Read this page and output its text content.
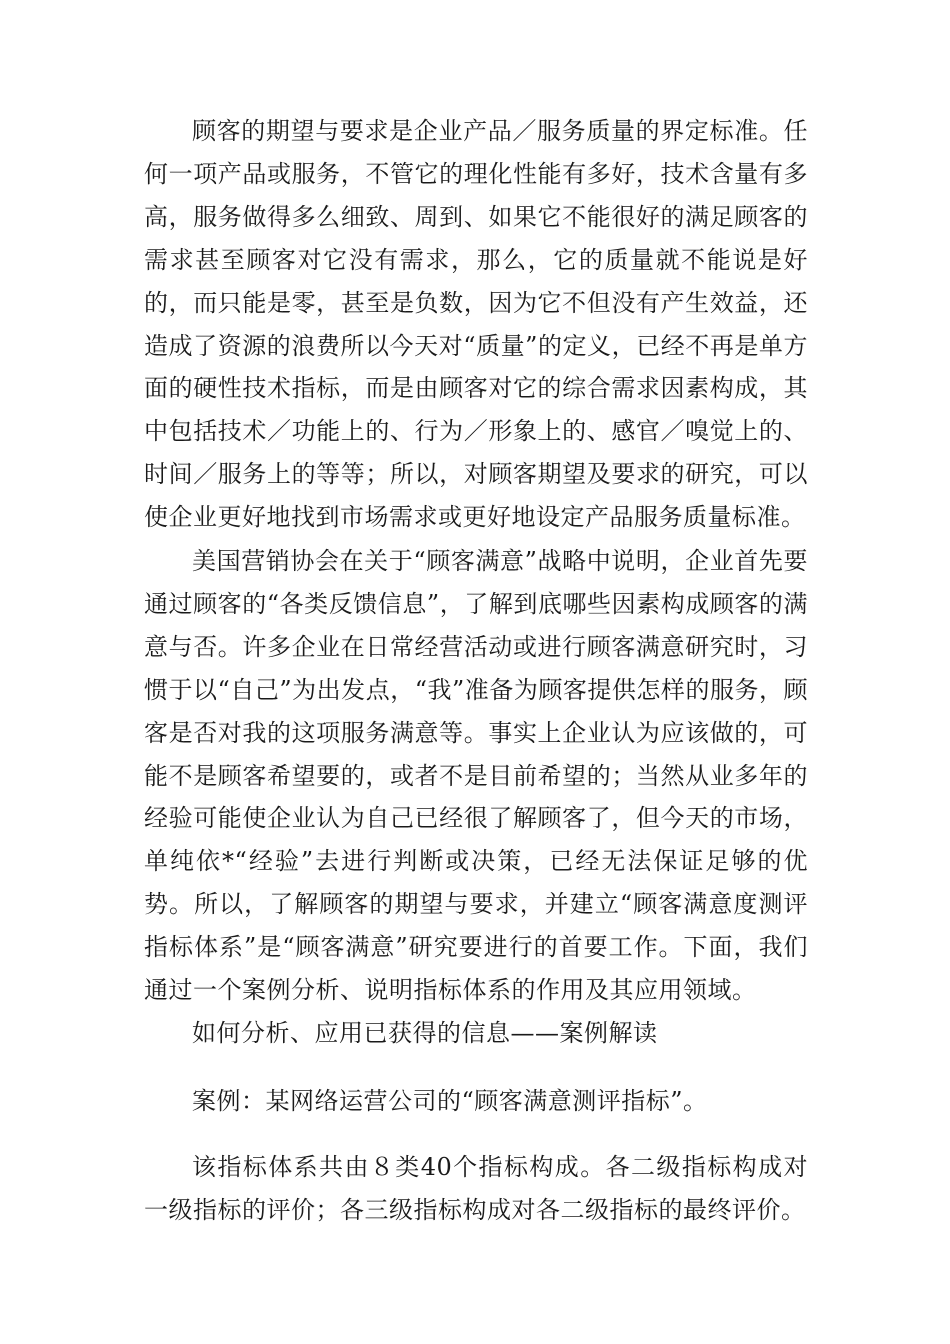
顾客的期望与要求是企业产品／服务质量的界定标准。任何一项产品或服务，不管它的理化性能有多好，技术含量有多高，服务做得多么细致、周到、如果它不能很好的满足顾客的需求甚至顾客对它没有需求，那么，它的质量就不能说是好的，而只能是零，甚至是负数，因为它不但没有产生效益，还造成了资源的浪费所以今天对“质量”的定义，已经不再是单方面的硬性技术指标，而是由顾客对它的综合需求因素构成，其中包括技术／功能上的、行为／形象上的、感官／嗅觉上的、时间／服务上的等等；所以，对顾客期望及要求的研究，可以使企业更好地找到市场需求或更好地设定产品服务质量标准。

美国营销协会在关于“顾客满意”战略中说明，企业首先要通过顾客的“各类反馈信息”，了解到底哪些因素构成顾客的满意与否。许多企业在日常经营活动或进行顾客满意研究时，习惯于以“自己”为出发点，“我”准备为顾客提供怎样的服务，顾客是否对我的这项服务满意等。事实上企业认为应该做的，可能不是顾客希望要的，或者不是目前希望的；当然从业多年的经验可能使企业认为自己已经很了解顾客了，但今天的市场，单纯依*“经验”去进行判断或决策，已经无法保证足够的优势。所以，了解顾客的期望与要求，并建立“顾客满意度测评指标体系”是“顾客满意”研究要进行的首要工作。下面，我们通过一个案例分析、说明指标体系的作用及其应用领域。

如何分析、应用已获得的信息——案例解读

案例：某网络运营公司的“顾客满意测评指标”。

该指标体系共由８类40个指标构成。各二级指标构成对一级指标的评价；各三级指标构成对各二级指标的最终评价。
